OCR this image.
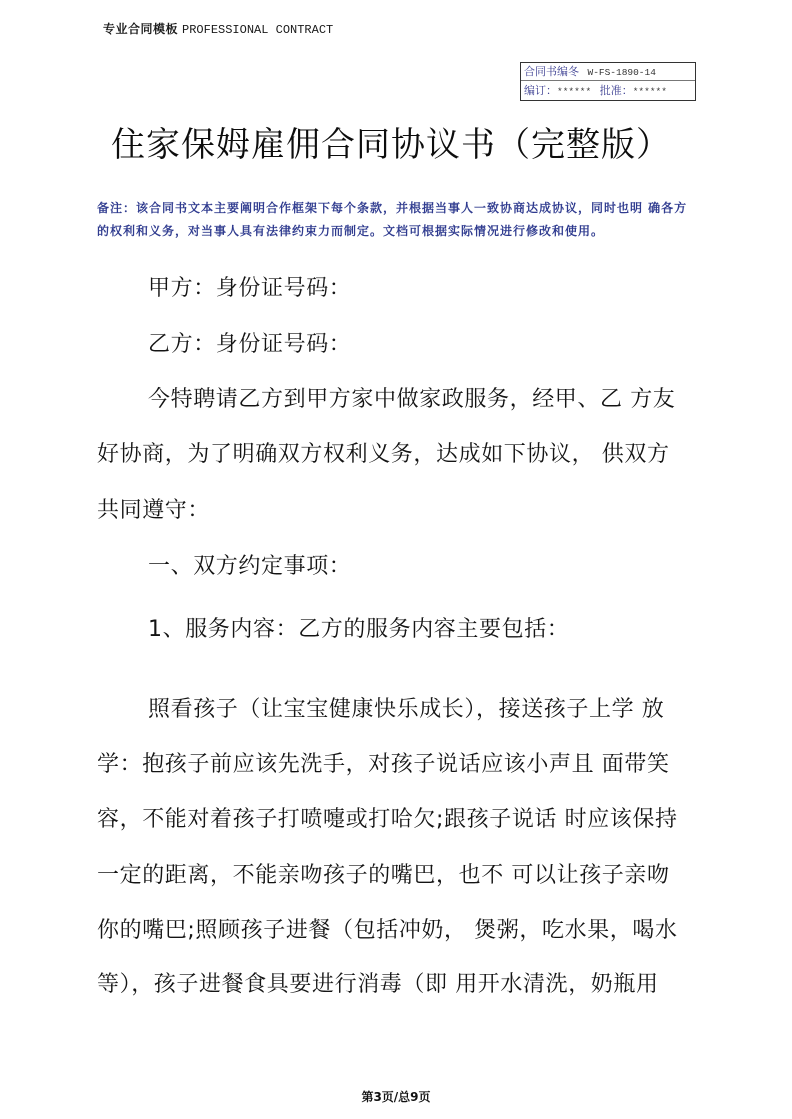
专业合同模板 PROFESSIONAL CONTRACT
合同书编冬 W-FS-1890-14
编订：****** 批准：******
住家保姆雇佣合同协议书（完整版）
备注：该合同书文本主要阐明合作框架下每个条款，并根据当事人一致协商达成协议，同时也明 确各方
的权利和义务，对当事人具有法律约束力而制定。文档可根据实际情况进行修改和使用。
甲方：身份证号码：
乙方：身份证号码：
今特聘请乙方到甲方家中做家政服务，经甲、乙 方友
好协商，为了明确双方权利义务，达成如下协议， 供双方
共同遵守：
一、双方约定事项：
1、服务内容：乙方的服务内容主要包括：
照看孩子（让宝宝健康快乐成长），接送孩子上学 放
学：抱孩子前应该先洗手，对孩子说话应该小声且 面带笑
容，不能对着孩子打喷嚏或打哈欠;跟孩子说话 时应该保持
一定的距离，不能亲吻孩子的嘴巴，也不 可以让孩子亲吻
你的嘴巴;照顾孩子进餐（包括冲奶， 煲粥，吃水果，喝水
等），孩子进餐食具要进行消毒（即 用开水清洗，奶瓶用
第3页/总9页
